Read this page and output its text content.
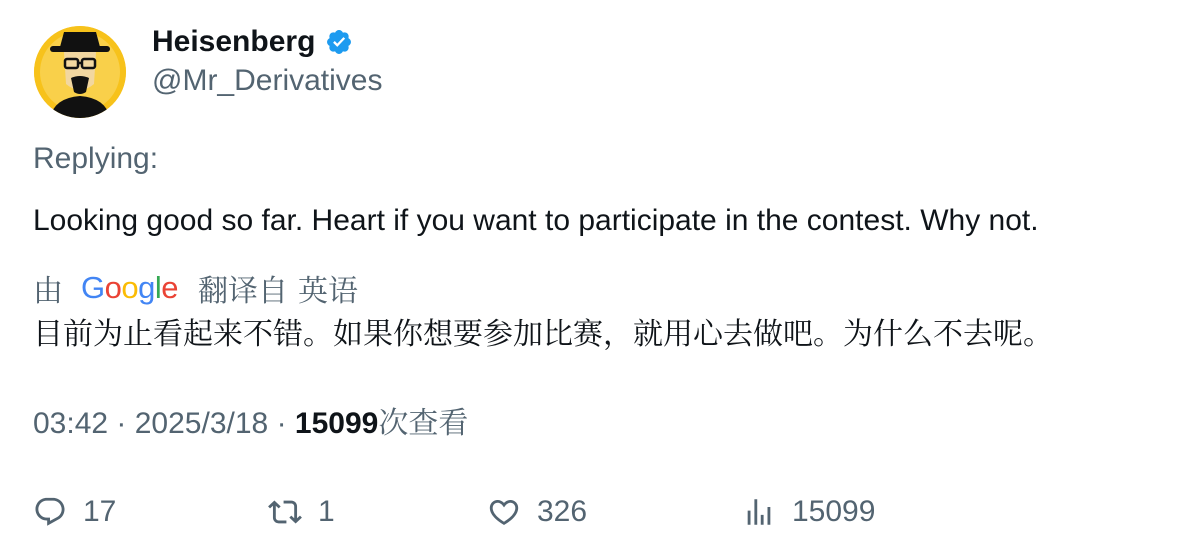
Heisenberg
@Mr_Derivatives
Replying:
Looking good so far. Heart if you want to participate in the contest. Why not.
由 Google 翻译自 英语
目前为止看起来不错。如果你想要参加比赛，就用心去做吧。为什么不去呢。
03:42 · 2025/3/18 · 15099次查看
17	1	326	15099
